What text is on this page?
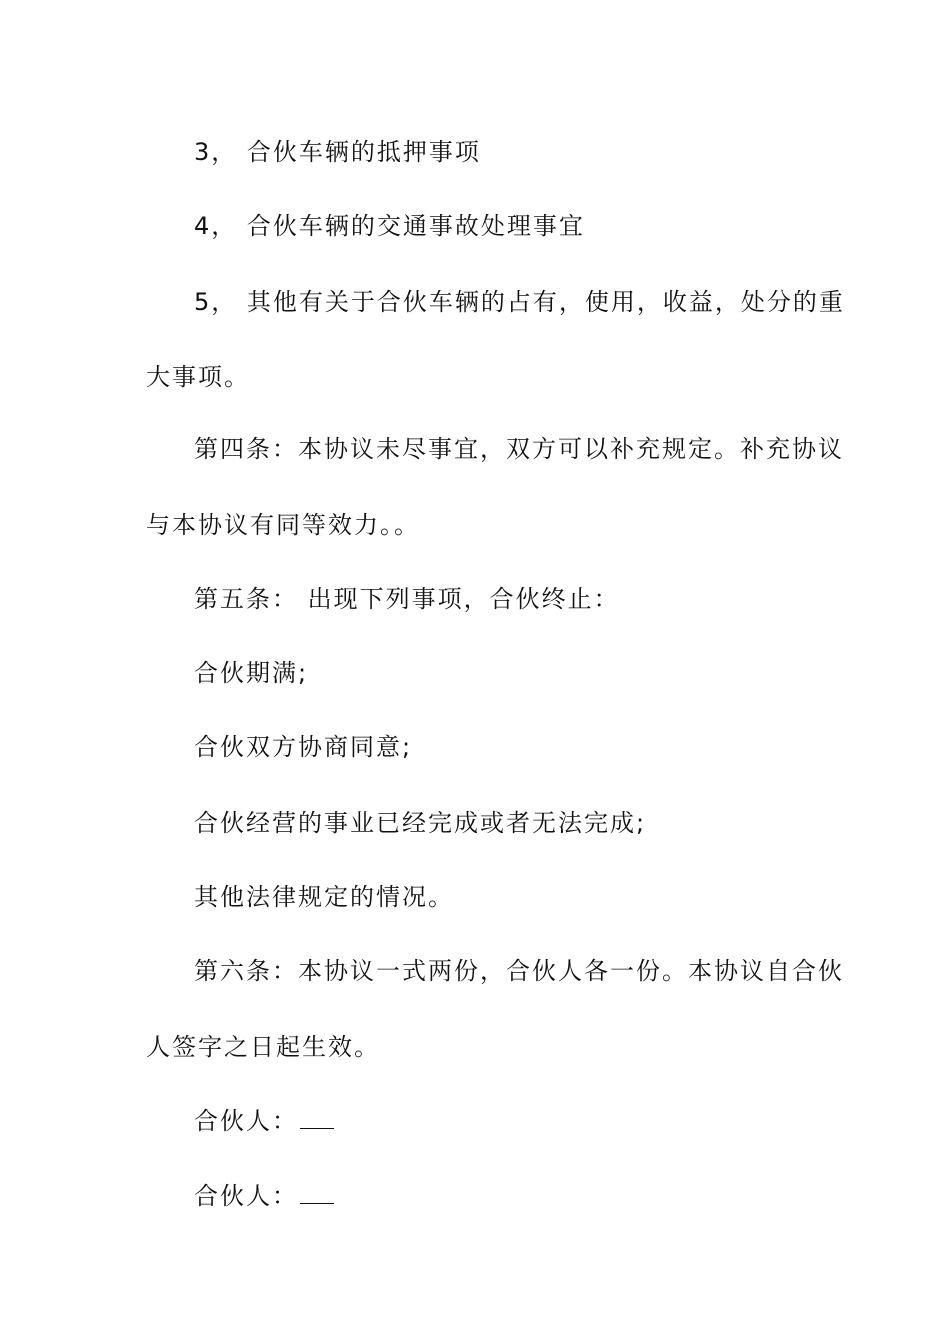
3， 合伙车辆的抵押事项
4， 合伙车辆的交通事故处理事宜
5， 其他有关于合伙车辆的占有，使用，收益，处分的重
大事项。
第四条：本协议未尽事宜，双方可以补充规定。补充协议
与本协议有同等效力。。
第五条： 出现下列事项，合伙终止：
合伙期满;
合伙双方协商同意;
合伙经营的事业已经完成或者无法完成;
其他法律规定的情况。
第六条：本协议一式两份，合伙人各一份。本协议自合伙
人签字之日起生效。
合伙人：
合伙人：
